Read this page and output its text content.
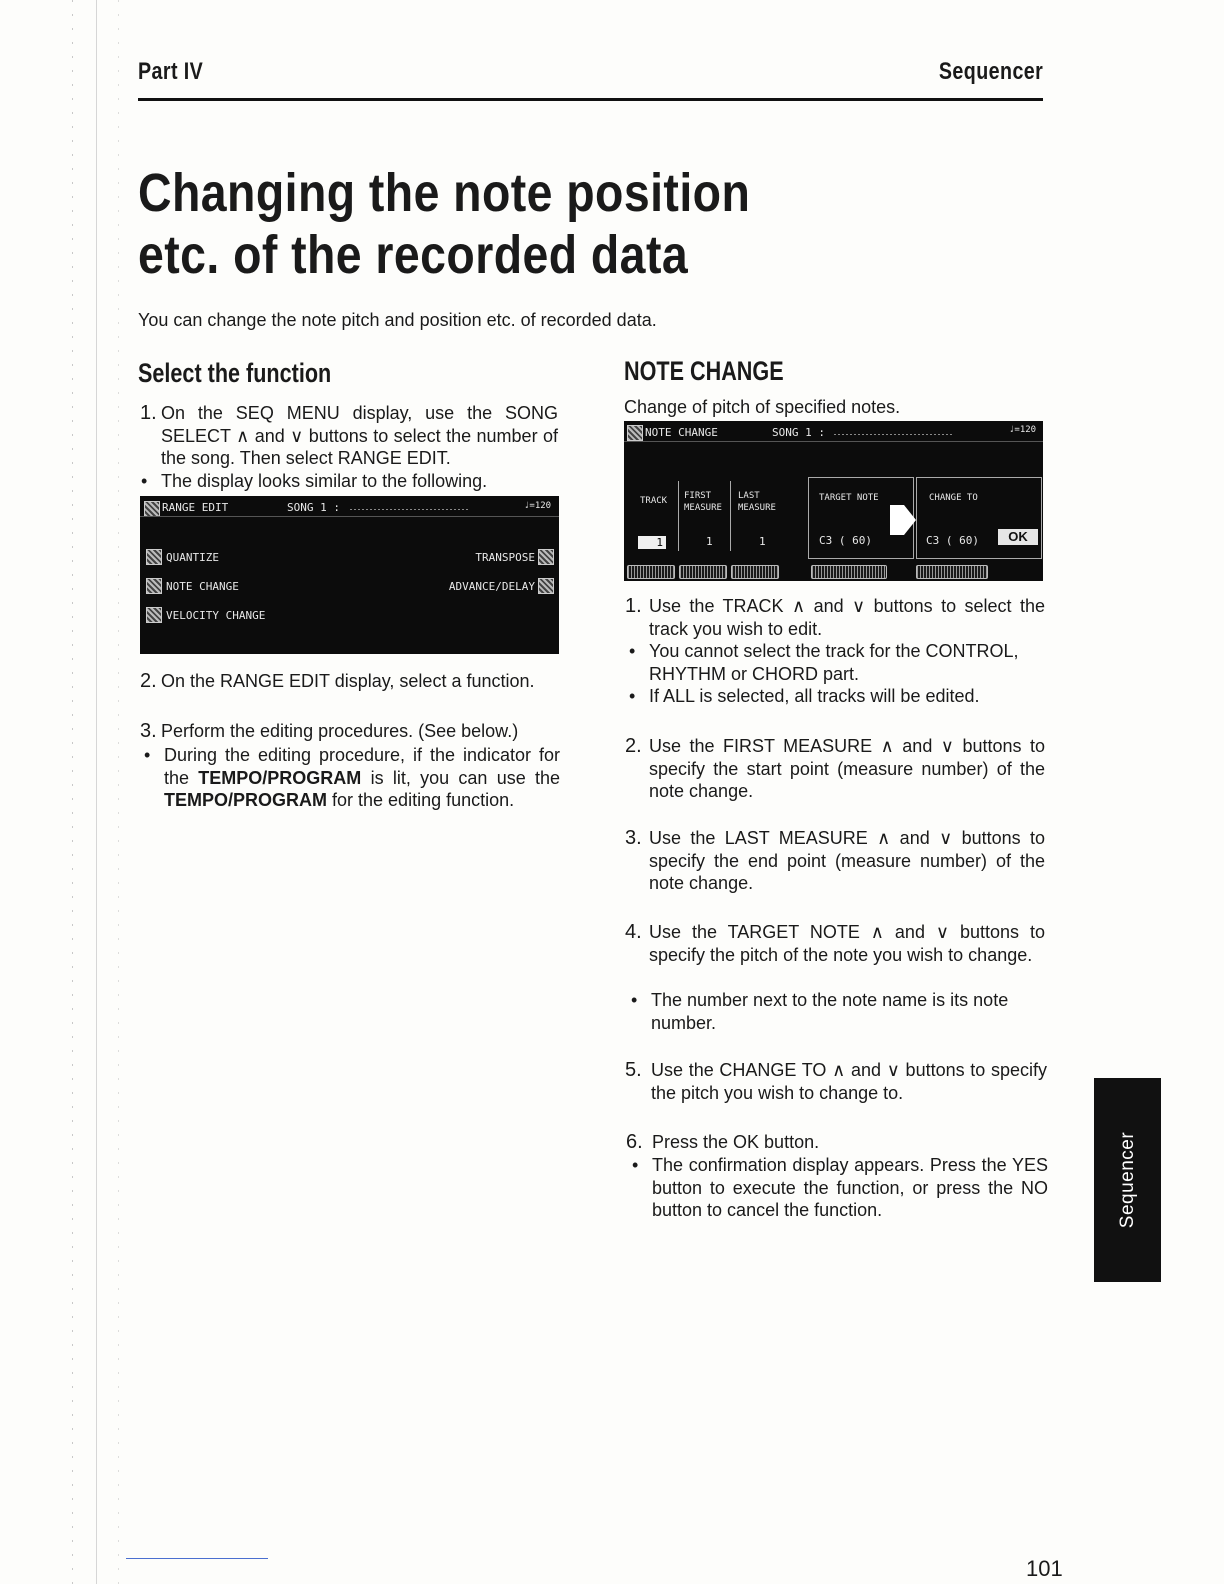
Part IV	Sequencer
Changing the note position etc. of the recorded data

You can change the note pitch and position etc. of recorded data.

Select the function
1. On the SEQ MENU display, use the SONG SELECT ∧ and ∨ buttons to select the number of the song. Then select RANGE EDIT.

• The display looks similar to the following.

RANGE EDIT	SONG 1 :	♩=120
QUANTIZE
NOTE CHANGE
VELOCITY CHANGE
TRANSPOSE
ADVANCE/DELAY
2. On the RANGE EDIT display, select a function.

3. Perform the editing procedures. (See below.)

• During the editing procedure, if the indicator for the TEMPO/PROGRAM is lit, you can use the TEMPO/PROGRAM for the editing function.

NOTE CHANGE

Change of pitch of specified notes.

NOTE CHANGE	SONG 1 :	♩=120
TRACK
1
FIRST
MEASURE
1
LAST
MEASURE
1
TARGET NOTE
C3 ( 60)
CHANGE TO
C3 ( 60)	OK
1. Use the TRACK ∧ and ∨ buttons to select the track you wish to edit.

• You cannot select the track for the CONTROL, RHYTHM or CHORD part.

• If ALL is selected, all tracks will be edited.

2. Use the FIRST MEASURE ∧ and ∨ buttons to specify the start point (measure number) of the note change.

3. Use the LAST MEASURE ∧ and ∨ buttons to specify the end point (measure number) of the note change.

4. Use the TARGET NOTE ∧ and ∨ buttons to specify the pitch of the note you wish to change.

• The number next to the note name is its note number.

5. Use the CHANGE TO ∧ and ∨ buttons to specify the pitch you wish to change to.

6. Press the OK button.

• The confirmation display appears. Press the YES button to execute the function, or press the NO button to cancel the function.	Sequencer
101
